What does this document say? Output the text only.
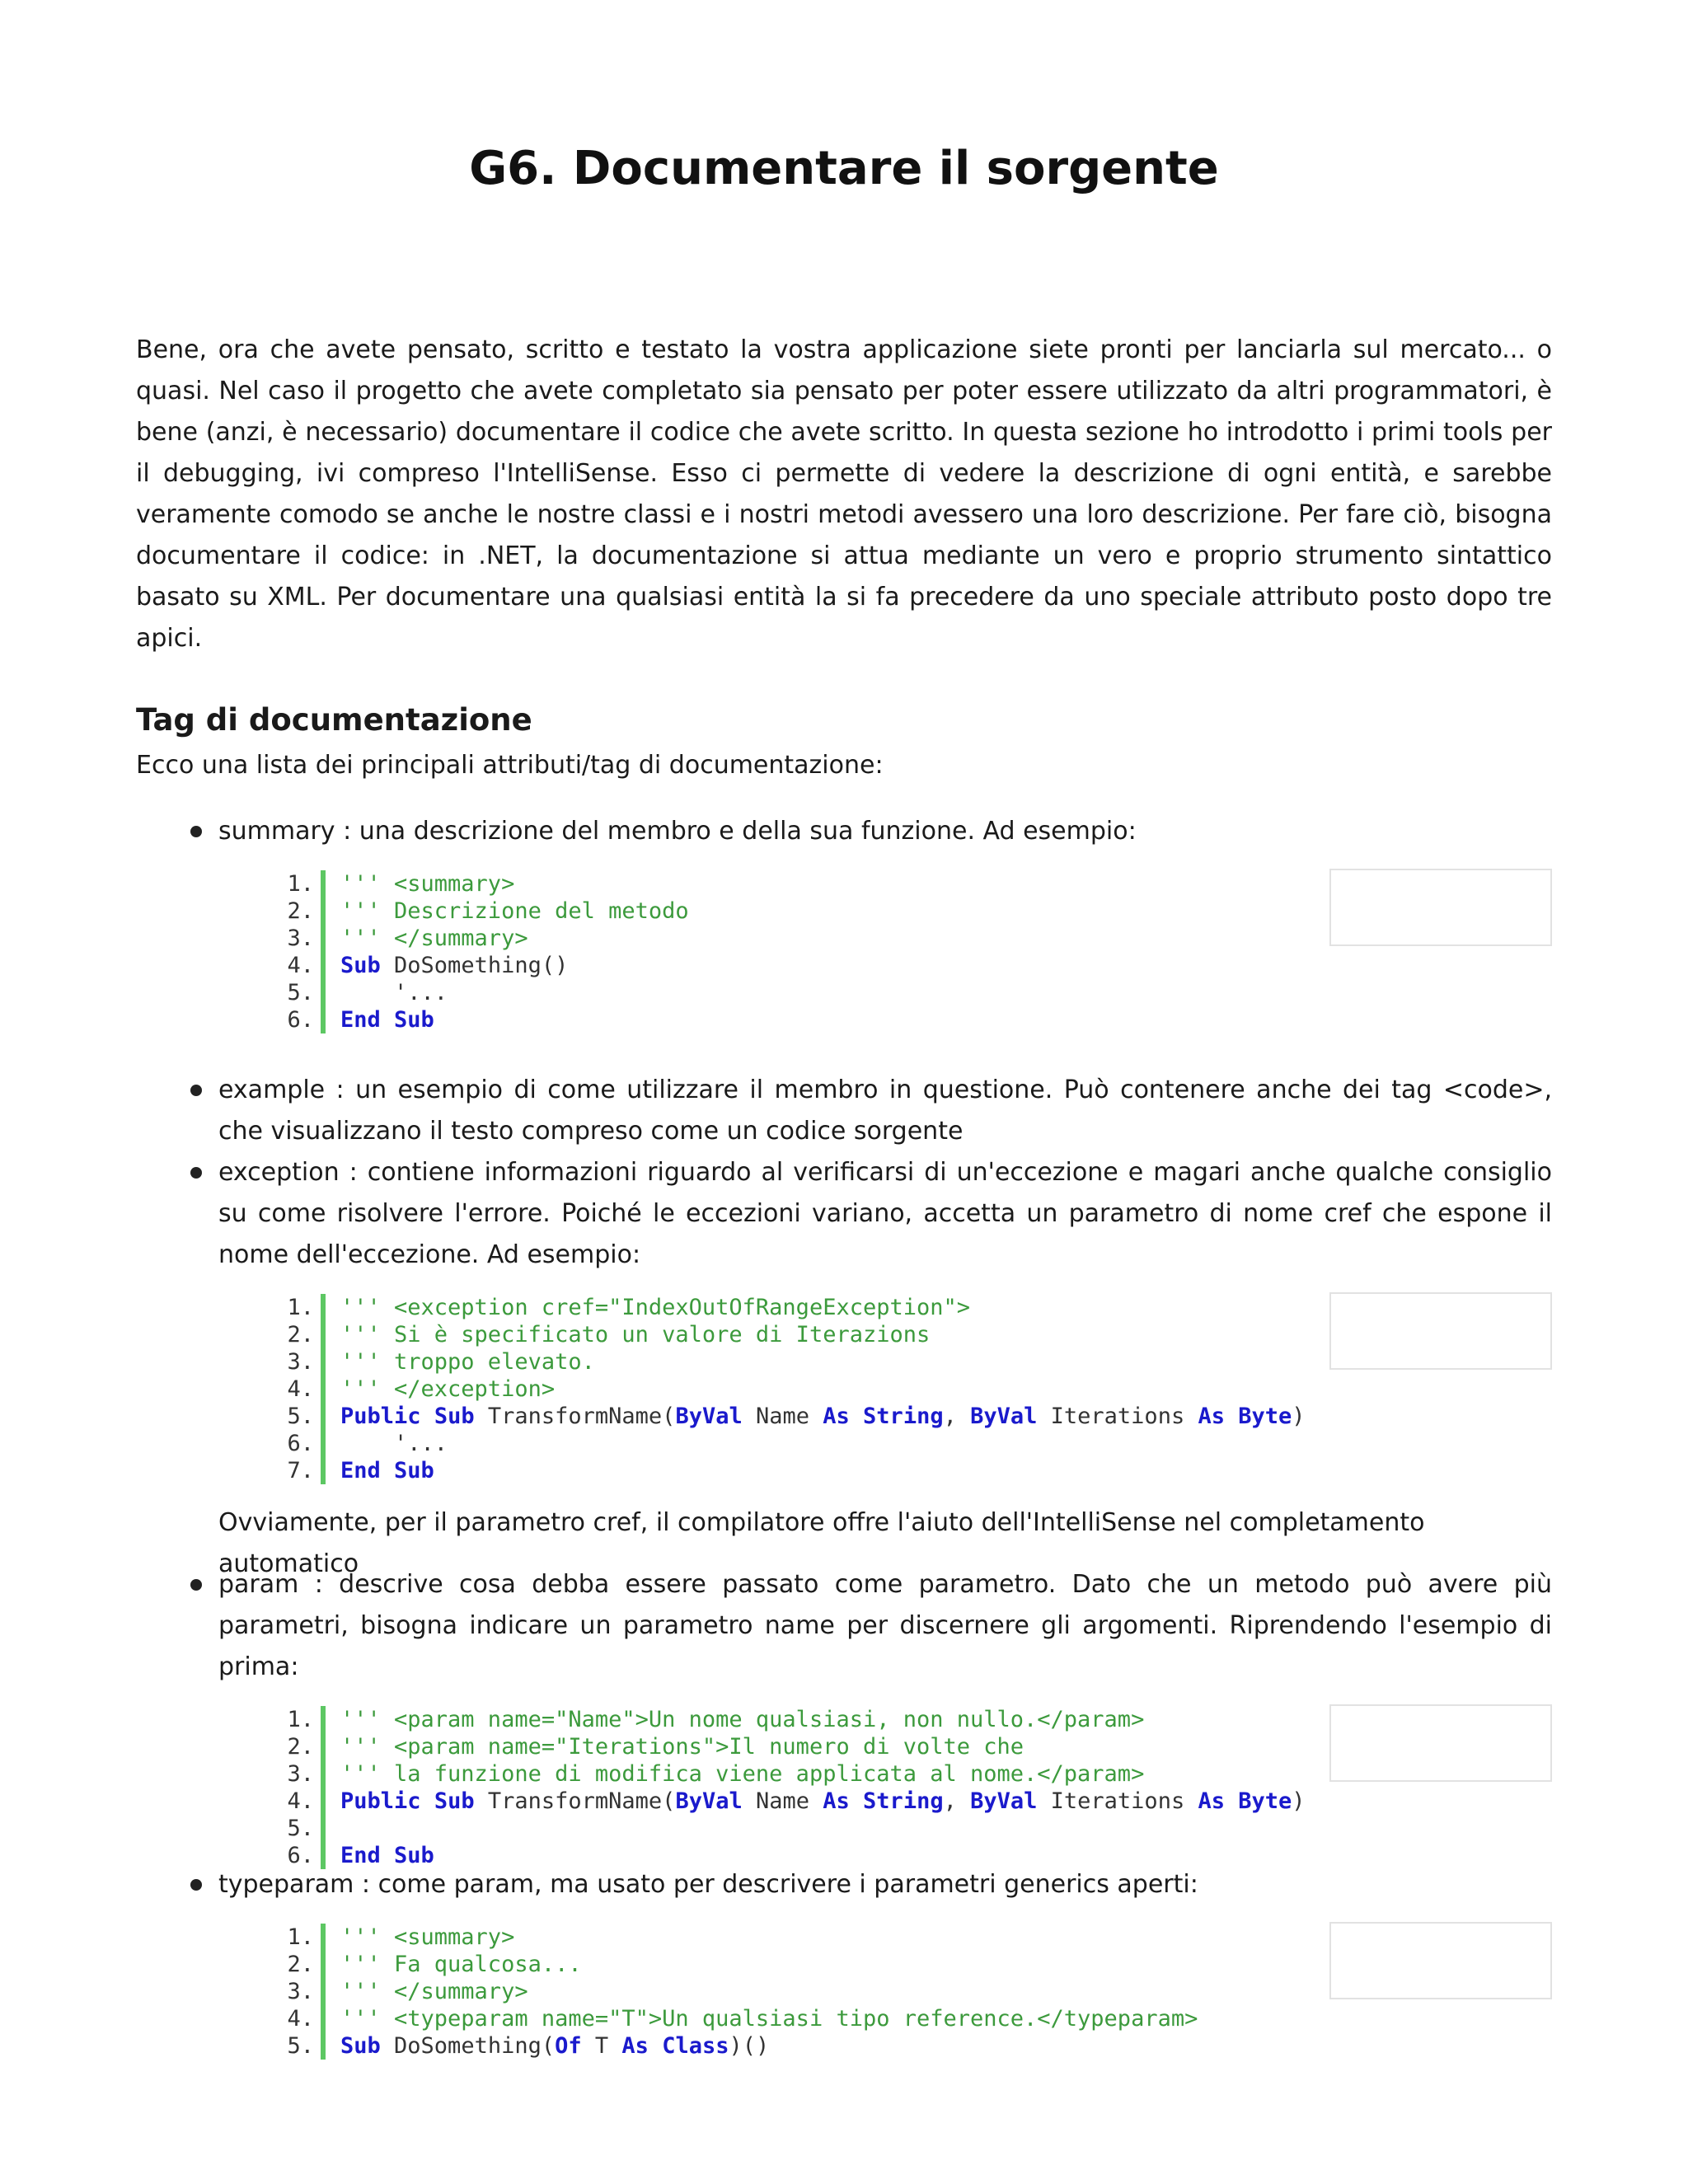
G6. Documentare il sorgente

Bene, ora che avete pensato, scritto e testato la vostra applicazione siete pronti per lanciarla sul mercato... o quasi. Nel caso il progetto che avete completato sia pensato per poter essere utilizzato da altri programmatori, è bene (anzi, è necessario) documentare il codice che avete scritto. In questa sezione ho introdotto i primi tools per il debugging, ivi compreso l'IntelliSense. Esso ci permette di vedere la descrizione di ogni entità, e sarebbe veramente comodo se anche le nostre classi e i nostri metodi avessero una loro descrizione. Per fare ciò, bisogna documentare il codice: in .NET, la documentazione si attua mediante un vero e proprio strumento sintattico basato su XML. Per documentare una qualsiasi entità la si fa precedere da uno speciale attributo posto dopo tre apici.

Tag di documentazione

Ecco una lista dei principali attributi/tag di documentazione:

summary : una descrizione del membro e della sua funzione. Ad esempio:
1. ''' <summary>
2. ''' Descrizione del metodo
3. ''' </summary>
4. Sub DoSomething()
5. '...
6. End Sub
example : un esempio di come utilizzare il membro in questione. Può contenere anche dei tag <code>, che visualizzano il testo compreso come un codice sorgente
exception : contiene informazioni riguardo al verificarsi di un'eccezione e magari anche qualche consiglio su come risolvere l'errore. Poiché le eccezioni variano, accetta un parametro di nome cref che espone il nome dell'eccezione. Ad esempio:
1. ''' <exception cref="IndexOutOfRangeException">
2. ''' Si è specificato un valore di Iterazions
3. ''' troppo elevato.
4. ''' </exception>
5. Public Sub TransformName(ByVal Name As String, ByVal Iterations As Byte)
6. '...
7. End Sub
Ovviamente, per il parametro cref, il compilatore offre l'aiuto dell'IntelliSense nel completamento automatico
param : descrive cosa debba essere passato come parametro. Dato che un metodo può avere più parametri, bisogna indicare un parametro name per discernere gli argomenti. Riprendendo l'esempio di prima:
1. ''' <param name="Name">Un nome qualsiasi, non nullo.</param>
2. ''' <param name="Iterations">Il numero di volte che
3. ''' la funzione di modifica viene applicata al nome.</param>
4. Public Sub TransformName(ByVal Name As String, ByVal Iterations As Byte)
5.
6. End Sub
typeparam : come param, ma usato per descrivere i parametri generics aperti:
1. ''' <summary>
2. ''' Fa qualcosa...
3. ''' </summary>
4. ''' <typeparam name="T">Un qualsiasi tipo reference.</typeparam>
5. Sub DoSomething(Of T As Class)()
